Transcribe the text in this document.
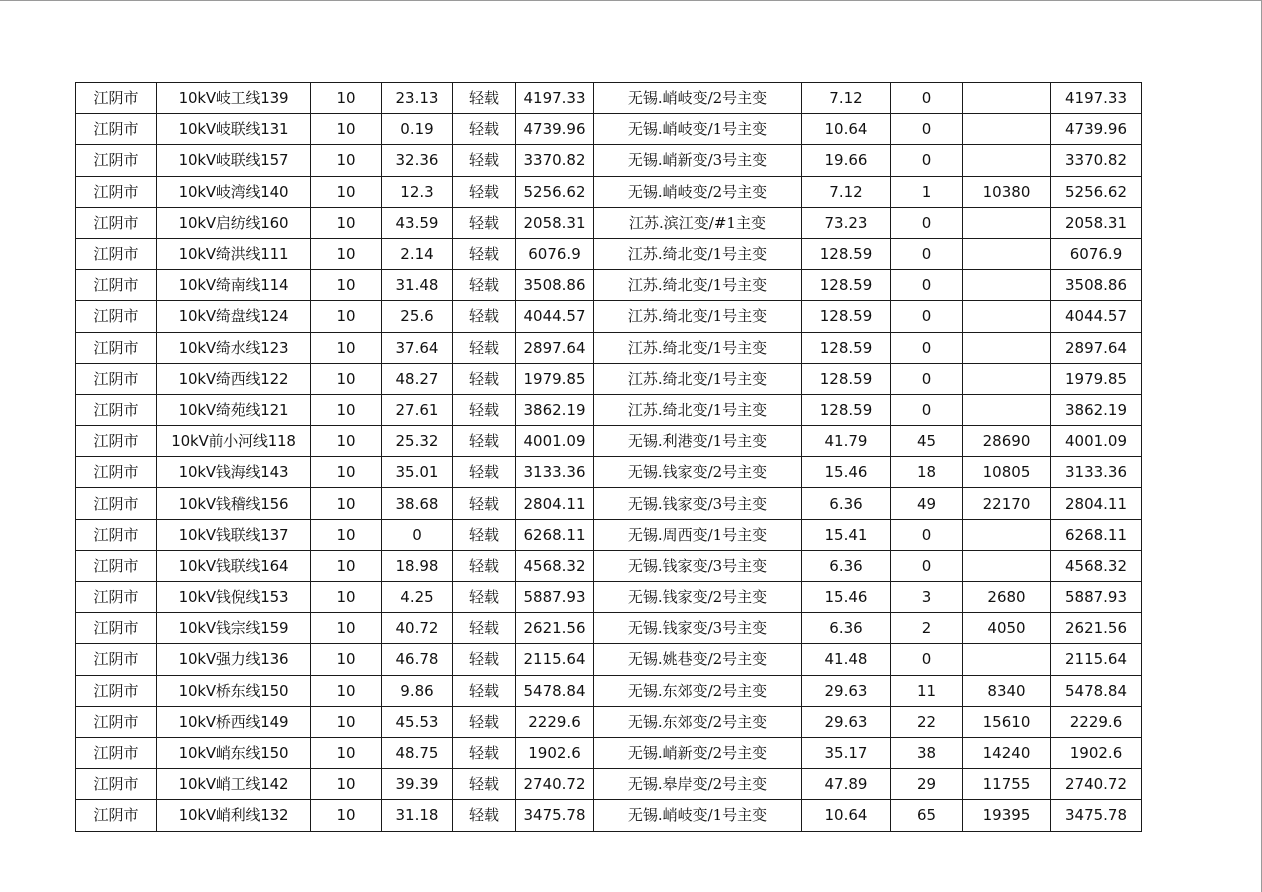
江阴市	10kV岐工线139	10	23.13	轻载	4197.33	无锡.峭岐变/2号主变	7.12	0		4197.33
江阴市	10kV岐联线131	10	0.19	轻载	4739.96	无锡.峭岐变/1号主变	10.64	0		4739.96
江阴市	10kV岐联线157	10	32.36	轻载	3370.82	无锡.峭新变/3号主变	19.66	0		3370.82
江阴市	10kV岐湾线140	10	12.3	轻载	5256.62	无锡.峭岐变/2号主变	7.12	1	10380	5256.62
江阴市	10kV启纺线160	10	43.59	轻载	2058.31	江苏.滨江变/#1主变	73.23	0		2058.31
江阴市	10kV绮洪线111	10	2.14	轻载	6076.9	江苏.绮北变/1号主变	128.59	0		6076.9
江阴市	10kV绮南线114	10	31.48	轻载	3508.86	江苏.绮北变/1号主变	128.59	0		3508.86
江阴市	10kV绮盘线124	10	25.6	轻载	4044.57	江苏.绮北变/1号主变	128.59	0		4044.57
江阴市	10kV绮水线123	10	37.64	轻载	2897.64	江苏.绮北变/1号主变	128.59	0		2897.64
江阴市	10kV绮西线122	10	48.27	轻载	1979.85	江苏.绮北变/1号主变	128.59	0		1979.85
江阴市	10kV绮苑线121	10	27.61	轻载	3862.19	江苏.绮北变/1号主变	128.59	0		3862.19
江阴市	10kV前小河线118	10	25.32	轻载	4001.09	无锡.利港变/1号主变	41.79	45	28690	4001.09
江阴市	10kV钱海线143	10	35.01	轻载	3133.36	无锡.钱家变/2号主变	15.46	18	10805	3133.36
江阴市	10kV钱稽线156	10	38.68	轻载	2804.11	无锡.钱家变/3号主变	6.36	49	22170	2804.11
江阴市	10kV钱联线137	10	0	轻载	6268.11	无锡.周西变/1号主变	15.41	0		6268.11
江阴市	10kV钱联线164	10	18.98	轻载	4568.32	无锡.钱家变/3号主变	6.36	0		4568.32
江阴市	10kV钱倪线153	10	4.25	轻载	5887.93	无锡.钱家变/2号主变	15.46	3	2680	5887.93
江阴市	10kV钱宗线159	10	40.72	轻载	2621.56	无锡.钱家变/3号主变	6.36	2	4050	2621.56
江阴市	10kV强力线136	10	46.78	轻载	2115.64	无锡.姚巷变/2号主变	41.48	0		2115.64
江阴市	10kV桥东线150	10	9.86	轻载	5478.84	无锡.东郊变/2号主变	29.63	11	8340	5478.84
江阴市	10kV桥西线149	10	45.53	轻载	2229.6	无锡.东郊变/2号主变	29.63	22	15610	2229.6
江阴市	10kV峭东线150	10	48.75	轻载	1902.6	无锡.峭新变/2号主变	35.17	38	14240	1902.6
江阴市	10kV峭工线142	10	39.39	轻载	2740.72	无锡.皋岸变/2号主变	47.89	29	11755	2740.72
江阴市	10kV峭利线132	10	31.18	轻载	3475.78	无锡.峭岐变/1号主变	10.64	65	19395	3475.78
